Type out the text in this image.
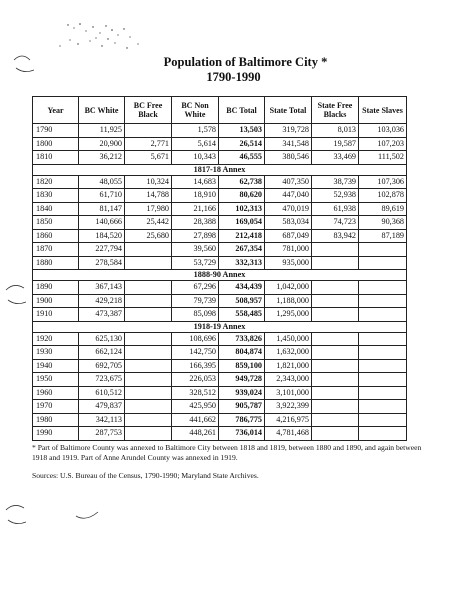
Population of Baltimore City *
1790-1990
Year	BC White	BC Free Black	BC Non White	BC Total	State Total	State Free Blacks	State Slaves
1790	11,925		1,578	13,503	319,728	8,013	103,036
1800	20,900	2,771	5,614	26,514	341,548	19,587	107,203
1810	36,212	5,671	10,343	46,555	380,546	33,469	111,502
1817-18 Annex							
1820	48,055	10,324	14,683	62,738	407,350	38,739	107,306
1830	61,710	14,788	18,910	80,620	447,040	52,938	102,878
1840	81,147	17,980	21,166	102,313	470,019	61,938	89,619
1850	140,666	25,442	28,388	169,054	583,034	74,723	90,368
1860	184,520	25,680	27,898	212,418	687,049	83,942	87,189
1870	227,794		39,560	267,354	781,000		
1880	278,584		53,729	332,313	935,000		
1888-90 Annex							
1890	367,143		67,296	434,439	1,042,000		
1900	429,218		79,739	508,957	1,188,000		
1910	473,387		85,098	558,485	1,295,000		
1918-19 Annex							
1920	625,130		108,696	733,826	1,450,000		
1930	662,124		142,750	804,874	1,632,000		
1940	692,705		166,395	859,100	1,821,000		
1950	723,675		226,053	949,728	2,343,000		
1960	610,512		328,512	939,024	3,101,000		
1970	479,837		425,950	905,787	3,922,399		
1980	342,113		441,662	786,775	4,216,975		
1990	287,753		448,261	736,014	4,781,468		
* Part of Baltimore County was annexed to Baltimore City between 1818 and 1819, between 1880 and 1890, and again between 1918 and 1919. Part of Anne Arundel County was annexed in 1919.
Sources: U.S. Bureau of the Census, 1790-1990; Maryland State Archives.
